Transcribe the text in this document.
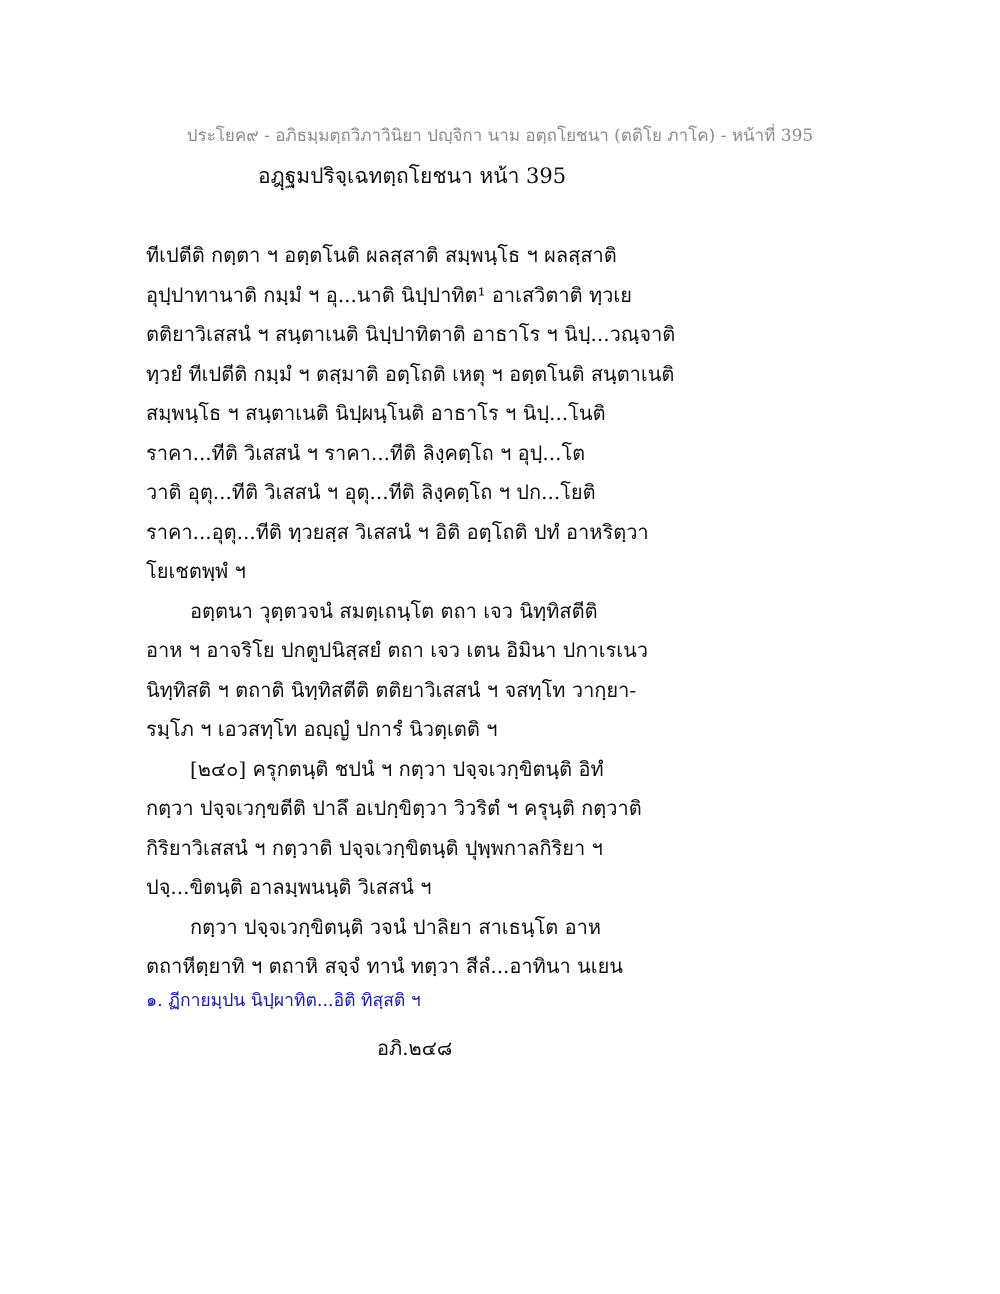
ประโยค๙ - อภิธมฺมตฺถวิภาวินิยา ปญฺจิกา นาม อตฺถโยชนา (ตติโย ภาโค) - หน้าที่ 395
อฎฺฐมปริจฺเฉทตฺถโยชนา หน้า 395
ทีเปตีติ กตฺตา ฯ อตฺตโนติ ผลสฺสาติ สมฺพนฺโธ ฯ ผลสฺสาติ
อุปฺปาทานาติ กมฺมํ ฯ อุ...นาติ นิปฺปาทิต¹ อาเสวิตาติ ทฺวเย
ตติยาวิเสสนํ ฯ สนฺตาเนติ นิปฺปาทิตาติ อาธาโร ฯ นิปฺ...วณฺจาติ
ทฺวยํ ทีเปตีติ กมฺมํ ฯ ตสฺมาติ อตฺโถติ เหตุ ฯ อตฺตโนติ สนฺตาเนติ
สมฺพนฺโธ ฯ สนฺตาเนติ นิปฺผนฺโนติ อาธาโร ฯ นิปฺ...โนติ
ราคา...ทีติ วิเสสนํ ฯ ราคา...ทีติ ลิงฺคตฺโถ ฯ อุปฺ...โต
วาติ อุตุ...ทีติ วิเสสนํ ฯ อุตุ...ทีติ ลิงฺคตฺโถ ฯ ปก...โยติ
ราคา...อุตุ...ทีติ ทฺวยสฺส วิเสสนํ ฯ อิติ อตฺโถติ ปทํ อาหริตฺวา
โยเชตพฺพํ ฯ
อตฺตนา วุตฺตวจนํ สมตฺเถนฺโต ตถา เจว นิทฺทิสตีติ
อาห ฯ อาจริโย ปกตูปนิสฺสยํ ตถา เจว เตน อิมินา ปกาเรเนว
นิทฺทิสติ ฯ ตถาติ นิทฺทิสตีติ ตติยาวิเสสนํ ฯ จสทฺโท วากฺยา-
รมฺโภ ฯ เอวสทฺโท อญฺญํ ปการํ นิวตฺเตติ ฯ
[๒๔๐] ครุกตนฺติ ชปนํ ฯ กตฺวา ปจฺจเวกฺขิตนฺติ อิทํ
กตฺวา ปจฺจเวกฺขตีติ ปาลึ อเปกฺขิตฺวา วิวริตํ ฯ ครุนฺติ กตฺวาติ
กิริยาวิเสสนํ ฯ กตฺวาติ ปจฺจเวกฺขิตนฺติ ปุพฺพกาลกิริยา ฯ
ปจฺ...ขิตนฺติ อาลมฺพนนฺติ วิเสสนํ ฯ
กตฺวา ปจฺจเวกฺขิตนฺติ วจนํ ปาลิยา สาเธนฺโต อาห
ตถาหีตฺยาทิ ฯ ตถาหิ สจฺจํ ทานํ ทตฺวา สีลํ...อาทินา นเยน
๑. ฏีกายมฺปน นิปฺผาทิต...อิติ ทิสฺสติ ฯ
อภิ.๒๔๘
